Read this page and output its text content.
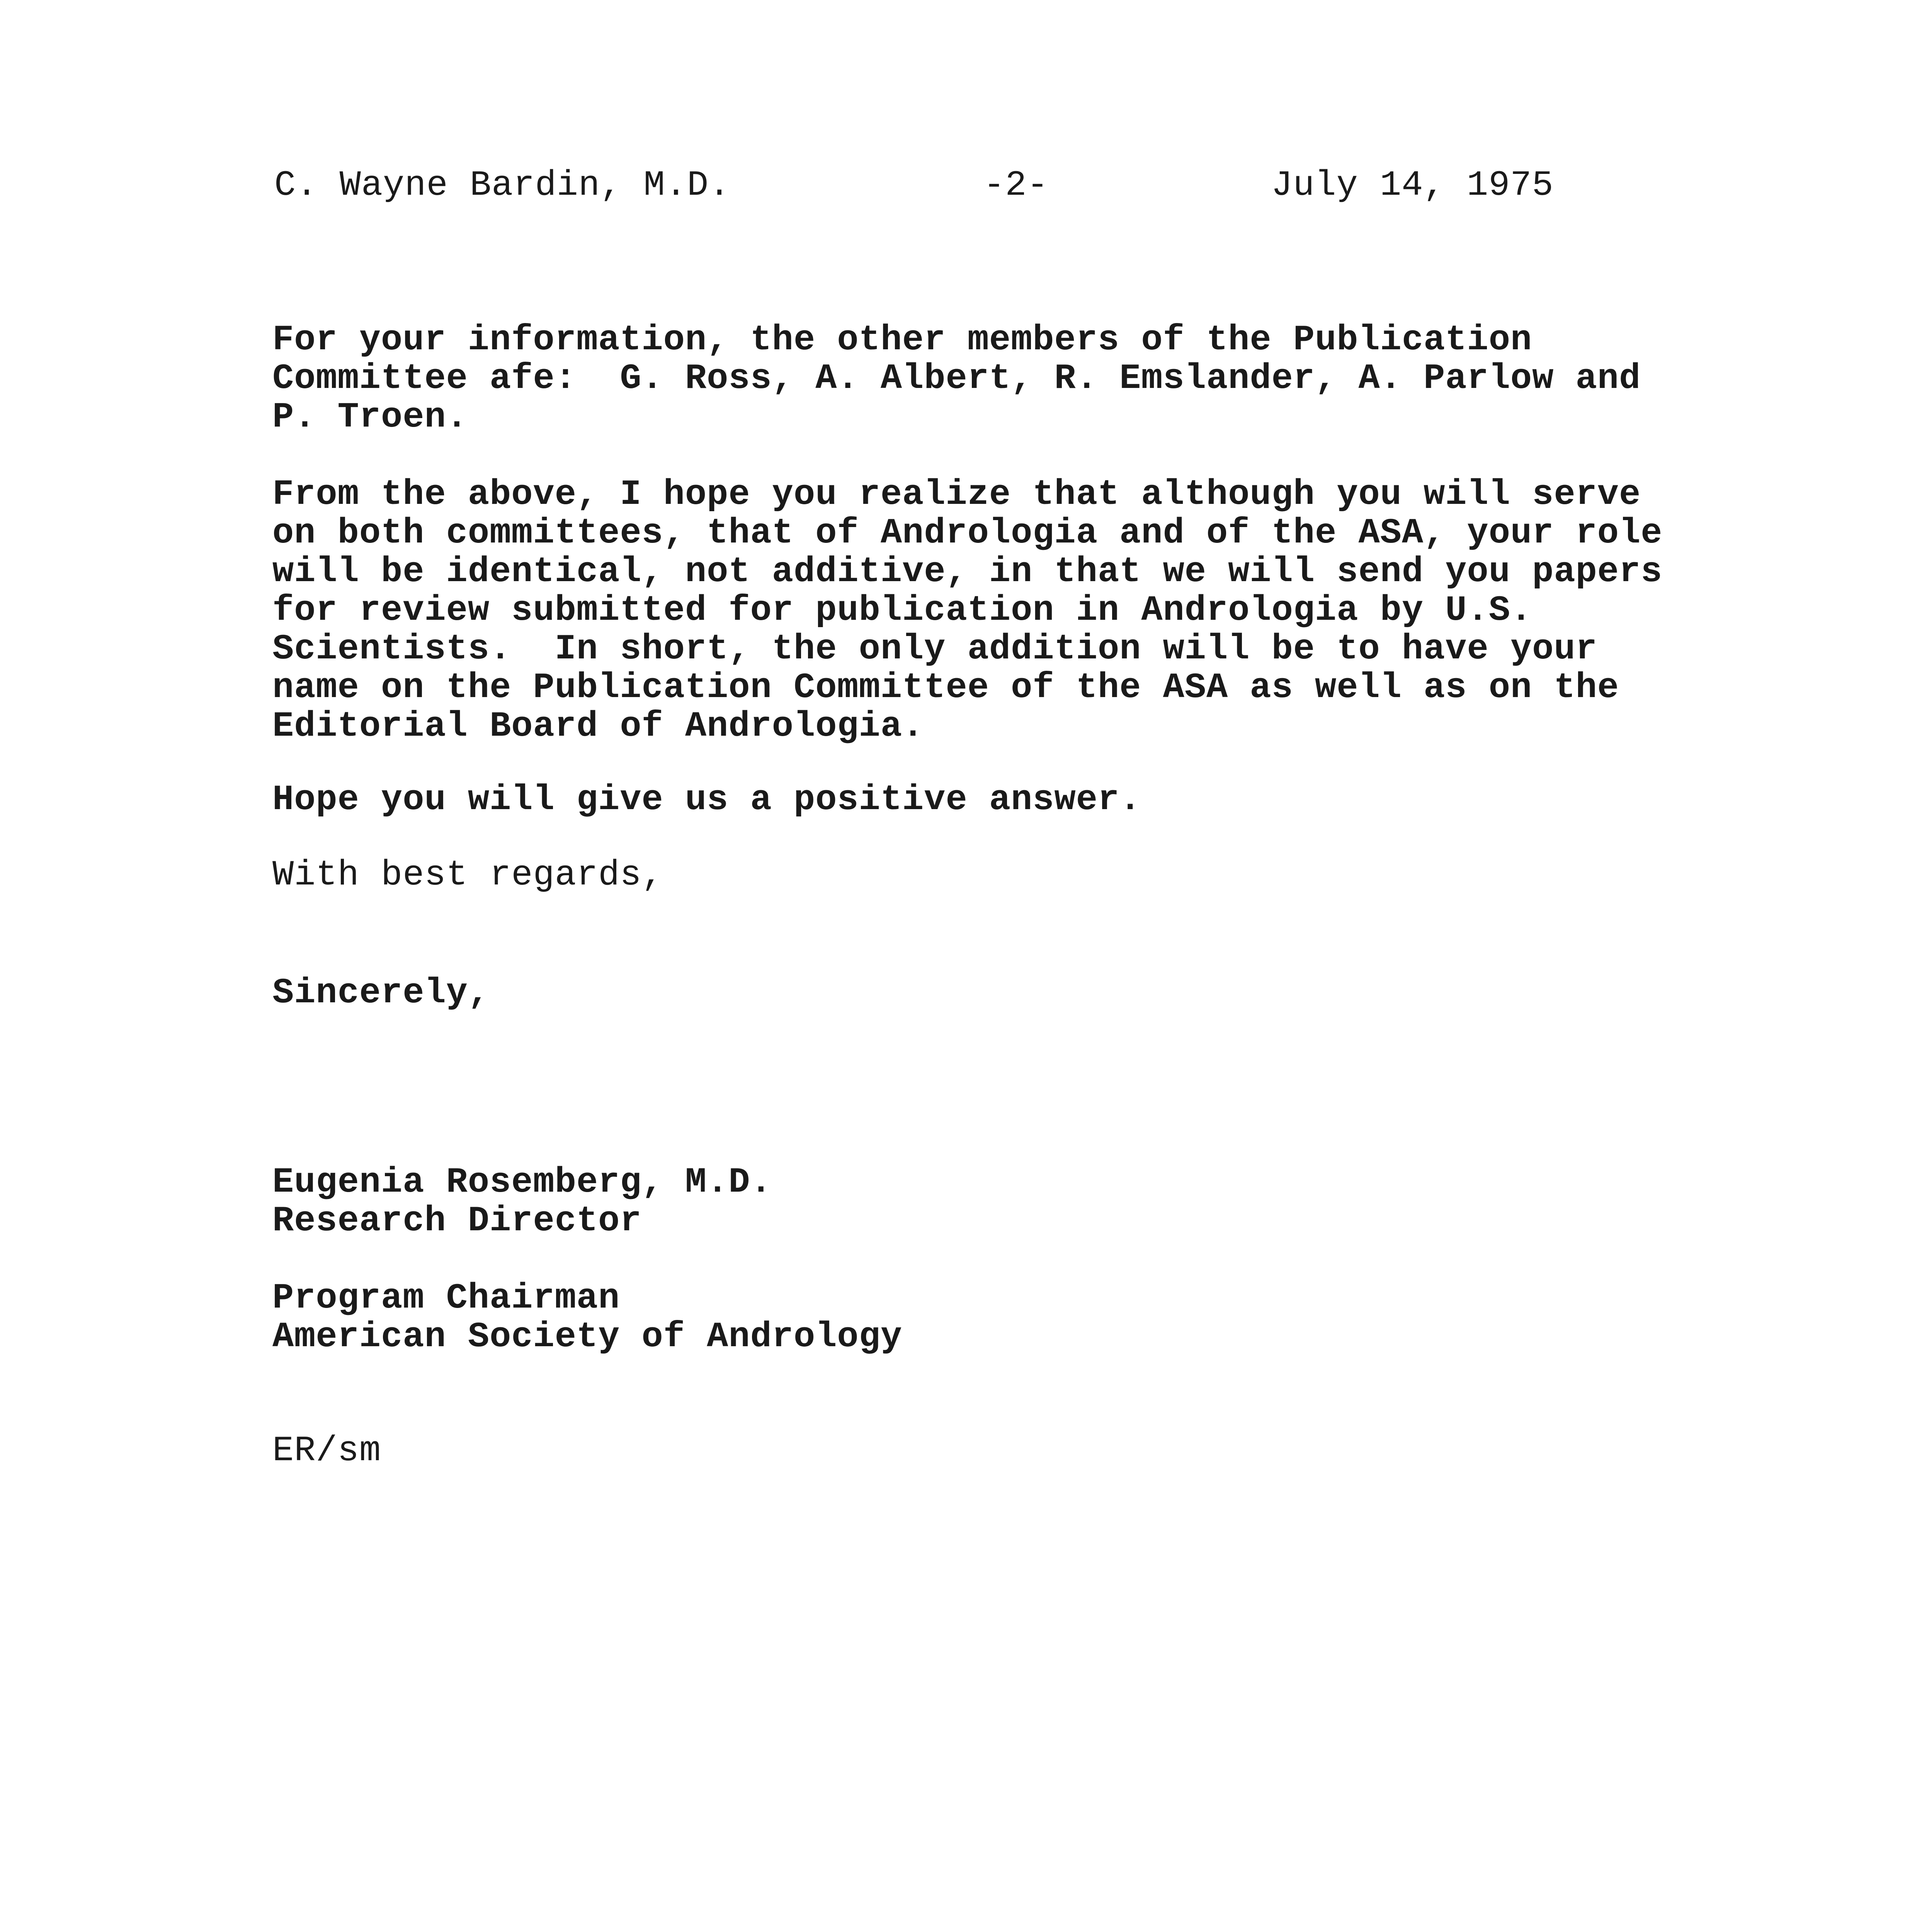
C. Wayne Bardin, M.D.	-2-	July 14, 1975
For your information, the other members of the Publication
Committee afe:  G. Ross, A. Albert, R. Emslander, A. Parlow and
P. Troen.
From the above, I hope you realize that although you will serve
on both committees, that of Andrologia and of the ASA, your role
will be identical, not additive, in that we will send you papers
for review submitted for publication in Andrologia by U.S.
Scientists.  In short, the only addition will be to have your
name on the Publication Committee of the ASA as well as on the
Editorial Board of Andrologia.
Hope you will give us a positive answer.
With best regards,
Sincerely,
Eugenia Rosemberg, M.D.
Research Director
Program Chairman
American Society of Andrology
ER/sm
